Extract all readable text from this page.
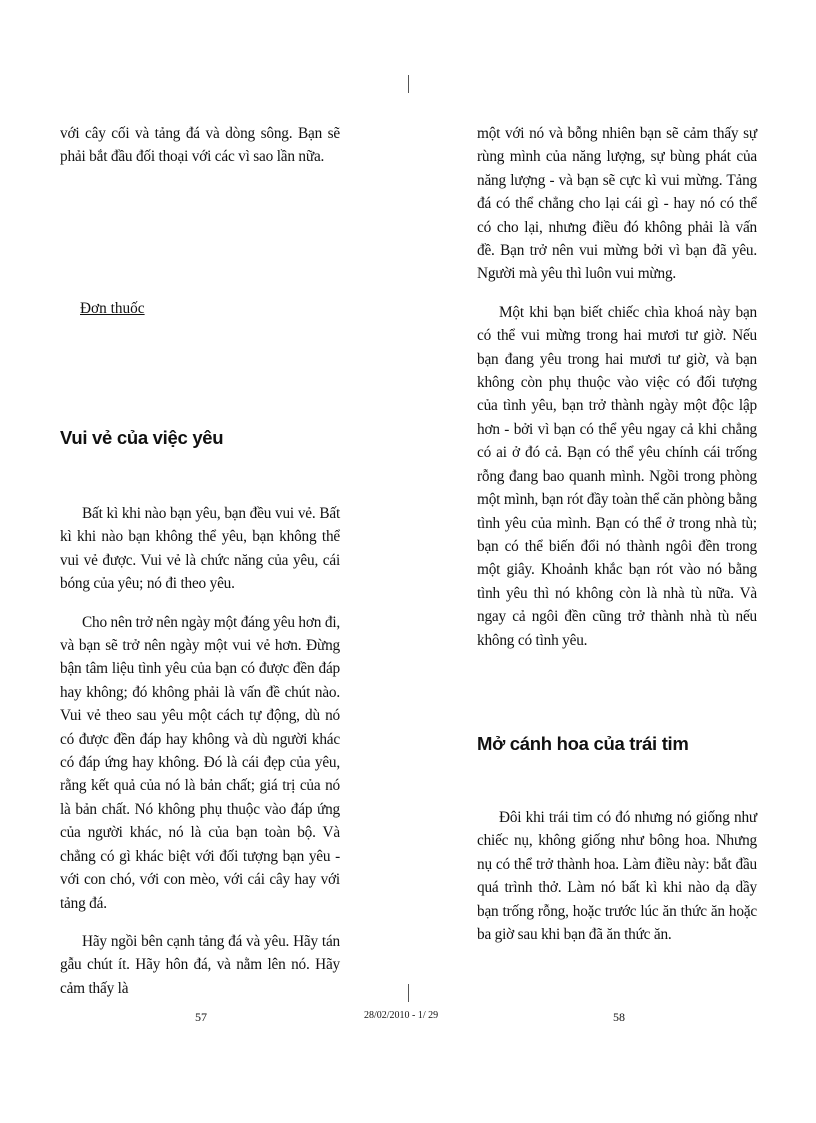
với cây cối và tảng đá và dòng sông. Bạn sẽ phải bắt đầu đối thoại với các vì sao lần nữa.

Đơn thuốc
Vui vẻ của việc yêu

Bất kì khi nào bạn yêu, bạn đều vui vẻ. Bất kì khi nào bạn không thể yêu, bạn không thể vui vẻ được. Vui vẻ là chức năng của yêu, cái bóng của yêu; nó đi theo yêu.

Cho nên trở nên ngày một đáng yêu hơn đi, và bạn sẽ trở nên ngày một vui vẻ hơn. Đừng bận tâm liệu tình yêu của bạn có được đền đáp hay không; đó không phải là vấn đề chút nào. Vui vẻ theo sau yêu một cách tự động, dù nó có được đền đáp hay không và dù người khác có đáp ứng hay không. Đó là cái đẹp của yêu, rằng kết quả của nó là bản chất; giá trị của nó là bản chất. Nó không phụ thuộc vào đáp ứng của người khác, nó là của bạn toàn bộ. Và chẳng có gì khác biệt với đối tượng bạn yêu - với con chó, với con mèo, với cái cây hay với tảng đá.

Hãy ngồi bên cạnh tảng đá và yêu. Hãy tán gẫu chút ít. Hãy hôn đá, và nằm lên nó. Hãy cảm thấy là

một với nó và bỗng nhiên bạn sẽ cảm thấy sự rùng mình của năng lượng, sự bùng phát của năng lượng - và bạn sẽ cực kì vui mừng. Tảng đá có thể chẳng cho lại cái gì - hay nó có thể có cho lại, nhưng điều đó không phải là vấn đề. Bạn trở nên vui mừng bởi vì bạn đã yêu. Người mà yêu thì luôn vui mừng.

Một khi bạn biết chiếc chìa khoá này bạn có thể vui mừng trong hai mươi tư giờ. Nếu bạn đang yêu trong hai mươi tư giờ, và bạn không còn phụ thuộc vào việc có đối tượng của tình yêu, bạn trở thành ngày một độc lập hơn - bởi vì bạn có thể yêu ngay cả khi chẳng có ai ở đó cả. Bạn có thể yêu chính cái trống rỗng đang bao quanh mình. Ngồi trong phòng một mình, bạn rót đầy toàn thể căn phòng bằng tình yêu của mình. Bạn có thể ở trong nhà tù; bạn có thể biến đổi nó thành ngôi đền trong một giây. Khoảnh khắc bạn rót vào nó bằng tình yêu thì nó không còn là nhà tù nữa. Và ngay cả ngôi đền cũng trở thành nhà tù nếu không có tình yêu.

Mở cánh hoa của trái tim

Đôi khi trái tim có đó nhưng nó giống như chiếc nụ, không giống như bông hoa. Nhưng nụ có thể trở thành hoa. Làm điều này: bắt đầu quá trình thở. Làm nó bất kì khi nào dạ dầy bạn trống rỗng, hoặc trước lúc ăn thức ăn hoặc ba giờ sau khi bạn đã ăn thức ăn.

57	28/02/2010 - 1/ 29	58
